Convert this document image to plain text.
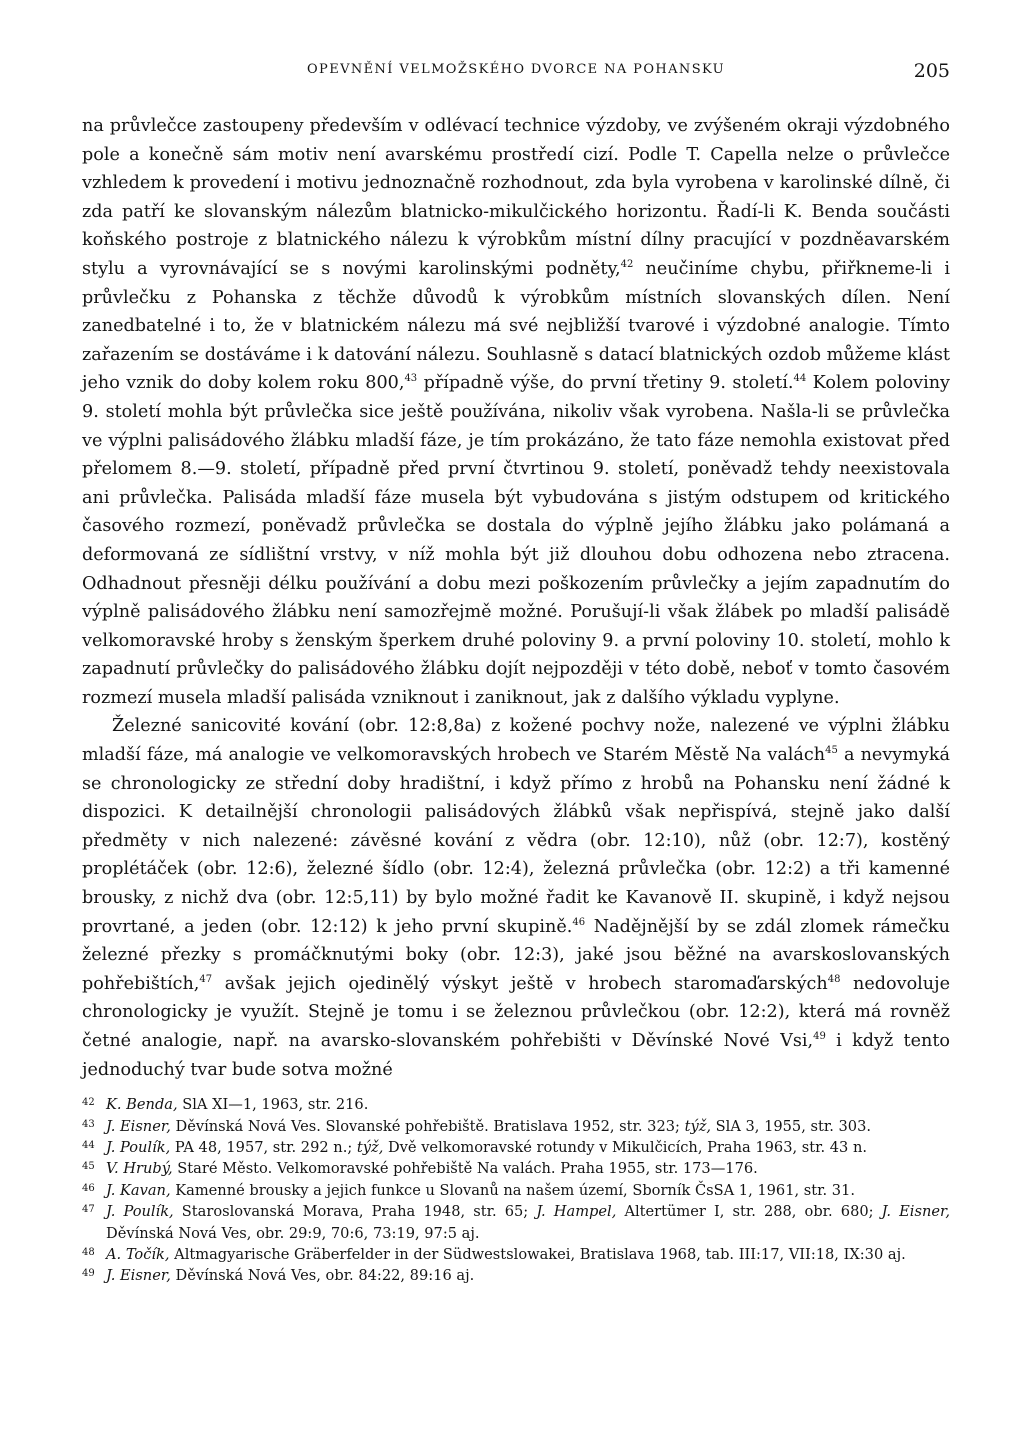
OPEVNĚNÍ VELMOŽSKÉHO DVORCE NA POHANSKU	205

na průvlečce zastoupeny především v odlévací technice výzdoby, ve zvýšeném okraji výzdobného pole a konečně sám motiv není avarskému prostředí cizí. Podle T. Capella nelze o průvlečce vzhledem k provedení i motivu jednoznačně rozhodnout, zda byla vyrobena v karolinské dílně, či zda patří ke slovanským nálezům blatnicko-mikulčického horizontu. Řadí-li K. Benda součásti koňského postroje z blatnického nálezu k výrobkům místní dílny pracující v pozdněavarském stylu a vyrovnávající se s novými karolinskými podněty,$^{42}$ neučiníme chybu, přiřkneme-li i průvlečku z Pohanska z těchže důvodů k výrobkům místních slovanských dílen. Není zanedbatelné i to, že v blatnickém nálezu má své nejbližší tvarové i výzdobné analogie. Tímto zařazením se dostáváme i k datování nálezu. Souhlasně s datací blatnických ozdob můžeme klást jeho vznik do doby kolem roku 800,43 případně výše, do první třetiny 9. století.$^{44}$ Kolem poloviny 9. století mohla být průvlečka sice ještě používána, nikoliv však vyrobena. Našla-li se průvlečka ve výplni palisádového žlábku mladší fáze, je tím prokázáno, že tato fáze nemohla existovat před přelomem 8.—9. století, případně před první čtvrtinou 9. století, poněvadž tehdy neexistovala ani průvlečka. Palisáda mladší fáze musela být vybudována s jistým odstupem od kritického časového rozmezí, poněvadž průvlečka se dostala do výplně jejího žlábku jako polámaná a deformovaná ze sídlištní vrstvy, v níž mohla být již dlouhou dobu odhozena nebo ztracena. Odhadnout přesněji délku používání a dobu mezi poškozením průvlečky a jejím zapadnutím do výplně palisádového žlábku není samozřejmě možné. Porušují-li však žlábek po mladší palisádě velkomoravské hroby s ženským šperkem druhé poloviny 9. a první poloviny 10. století, mohlo k zapadnutí průvlečky do palisádového žlábku dojít nejpozději v této době, neboť v tomto časovém rozmezí musela mladší palisáda vzniknout i zaniknout, jak z dalšího výkladu vyplyne.

Železné sanicovité kování (obr. 12:8,8a) z kožené pochvy nože, nalezené ve výplni žlábku mladší fáze, má analogie ve velkomoravských hrobech ve Starém Městě Na valách$^{45}$ a nevymyká se chronologicky ze střední doby hradištní, i když přímo z hrobů na Pohansku není žádné k dispozici. K detailnější chronologii palisádových žlábků však nepřispívá, stejně jako další předměty v nich nalezené: závěsné kování z vědra (obr. 12:10), nůž (obr. 12:7), kostěný proplétáček (obr. 12:6), železné šídlo (obr. 12:4), železná průvlečka (obr. 12:2) a tři kamenné brousky, z nichž dva (obr. 12:5,11) by bylo možné řadit ke Kavanově II. skupině, i když nejsou provrtané, a jeden (obr. 12:12) k jeho první skupině.$^{46}$ Nadějnější by se zdál zlomek rámečku železné přezky s promáčknutými boky (obr. 12:3), jaké jsou běžné na avarskoslovanských pohřebištích,$^{47}$ avšak jejich ojedinělý výskyt ještě v hrobech staromaďarských$^{48}$ nedovoluje chronologicky je využít. Stejně je tomu i se železnou průvlečkou (obr. 12:2), která má rovněž četné analogie, např. na avarsko-slovanském pohřebišti v Děvínské Nové Vsi,$^{49}$ i když tento jednoduchý tvar bude sotva možné

42 K. Benda, SlA XI—1, 1963, str. 216.
43 J. Eisner, Děvínská Nová Ves. Slovanské pohřebiště. Bratislava 1952, str. 323; týž, SlA 3, 1955, str. 303.
44 J. Poulík, PA 48, 1957, str. 292 n.; týž, Dvě velkomoravské rotundy v Mikulčicích, Praha 1963, str. 43 n.
45 V. Hrubý, Staré Město. Velkomoravské pohřebiště Na valách. Praha 1955, str. 173—176.
46 J. Kavan, Kamenné brousky a jejich funkce u Slovanů na našem území, Sborník ČsSA 1, 1961, str. 31.
47 J. Poulík, Staroslovanská Morava, Praha 1948, str. 65; J. Hampel, Altertümer I, str. 288, obr. 680; J. Eisner, Děvínská Nová Ves, obr. 29:9, 70:6, 73:19, 97:5 aj.
48 A. Točík, Altmagyarische Gräberfelder in der Südwestslowakei, Bratislava 1968, tab. III:17, VII:18, IX:30 aj.
49 J. Eisner, Děvínská Nová Ves, obr. 84:22, 89:16 aj.
